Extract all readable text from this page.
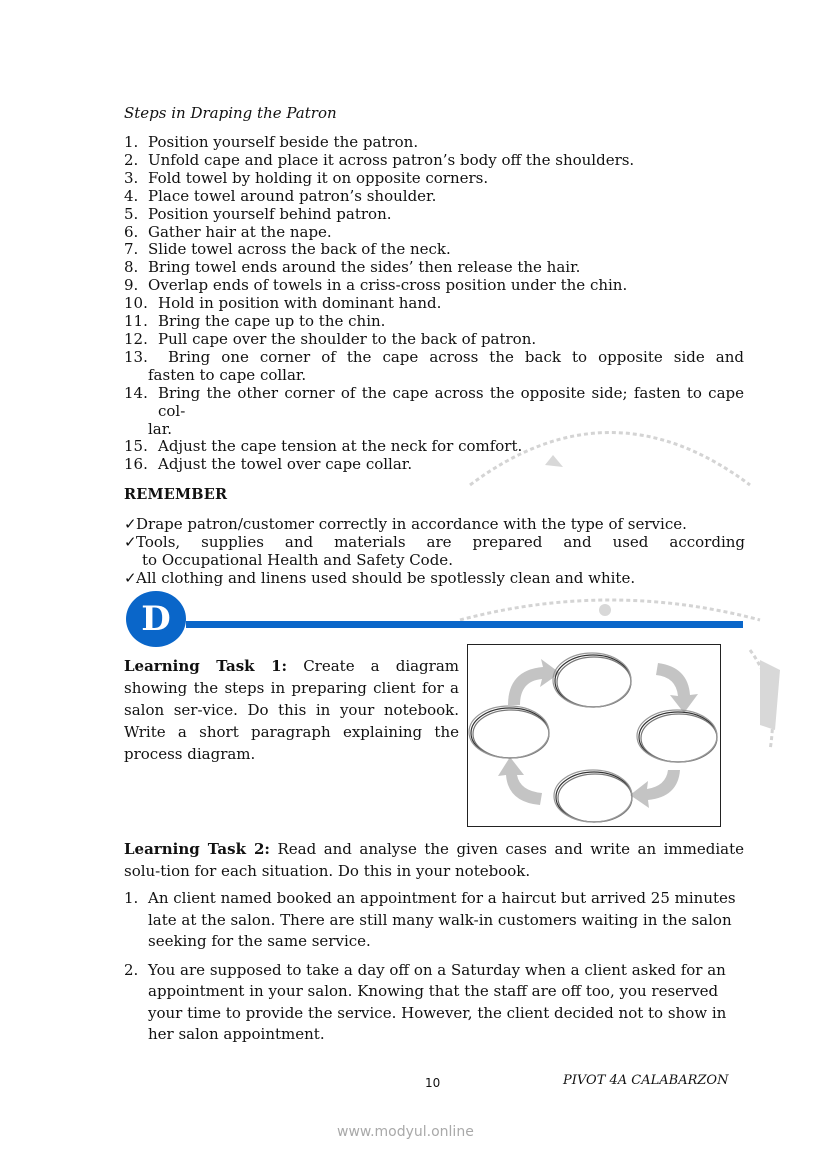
Steps in Draping the Patron
1. Position yourself beside the patron.
2. Unfold cape and place it across patron’s body off the shoulders.
3. Fold towel by holding it on opposite corners.
4. Place towel around patron’s shoulder.
5. Position yourself behind patron.
6. Gather hair at the nape.
7. Slide towel across the back of the neck.
8. Bring towel ends around the sides’ then release the hair.
9. Overlap ends of towels in a criss-cross position under the chin.
10. Hold in position with dominant hand.
11. Bring the cape up to the chin.
12. Pull cape over the shoulder to the back of patron.
13.	Bring one corner of the cape across the back to opposite side and
fasten to cape collar.
14. Bring the other corner of the cape across the opposite side; fasten to cape col-
lar.
15. Adjust the cape tension at the neck for comfort.
16. Adjust the towel over cape collar.
REMEMBER
✓Drape patron/customer correctly in accordance with the type of service.
✓Tools, supplies and materials are prepared and used according
to Occupational Health and Safety Code.
✓All clothing and linens used should be spotlessly clean and white.
D
Learning Task 1: Create a diagram showing the steps in preparing client for a salon ser-vice. Do this in your notebook. Write a short paragraph explaining the process diagram.
Learning Task 2: Read and analyse the given cases and write an immediate solu-tion for each situation. Do this in your notebook.
1. An client named booked an appointment for a haircut but arrived 25 minutes late at the salon. There are still many walk-in customers waiting in the salon seeking for the same service.
2. You are supposed to take a day off on a Saturday when a client asked for an appointment in your salon. Knowing that the staff are off too, you reserved your time to provide the service. However, the client decided not to show in her salon appointment.
10	PIVOT 4A CALABARZON
www.modyul.online
